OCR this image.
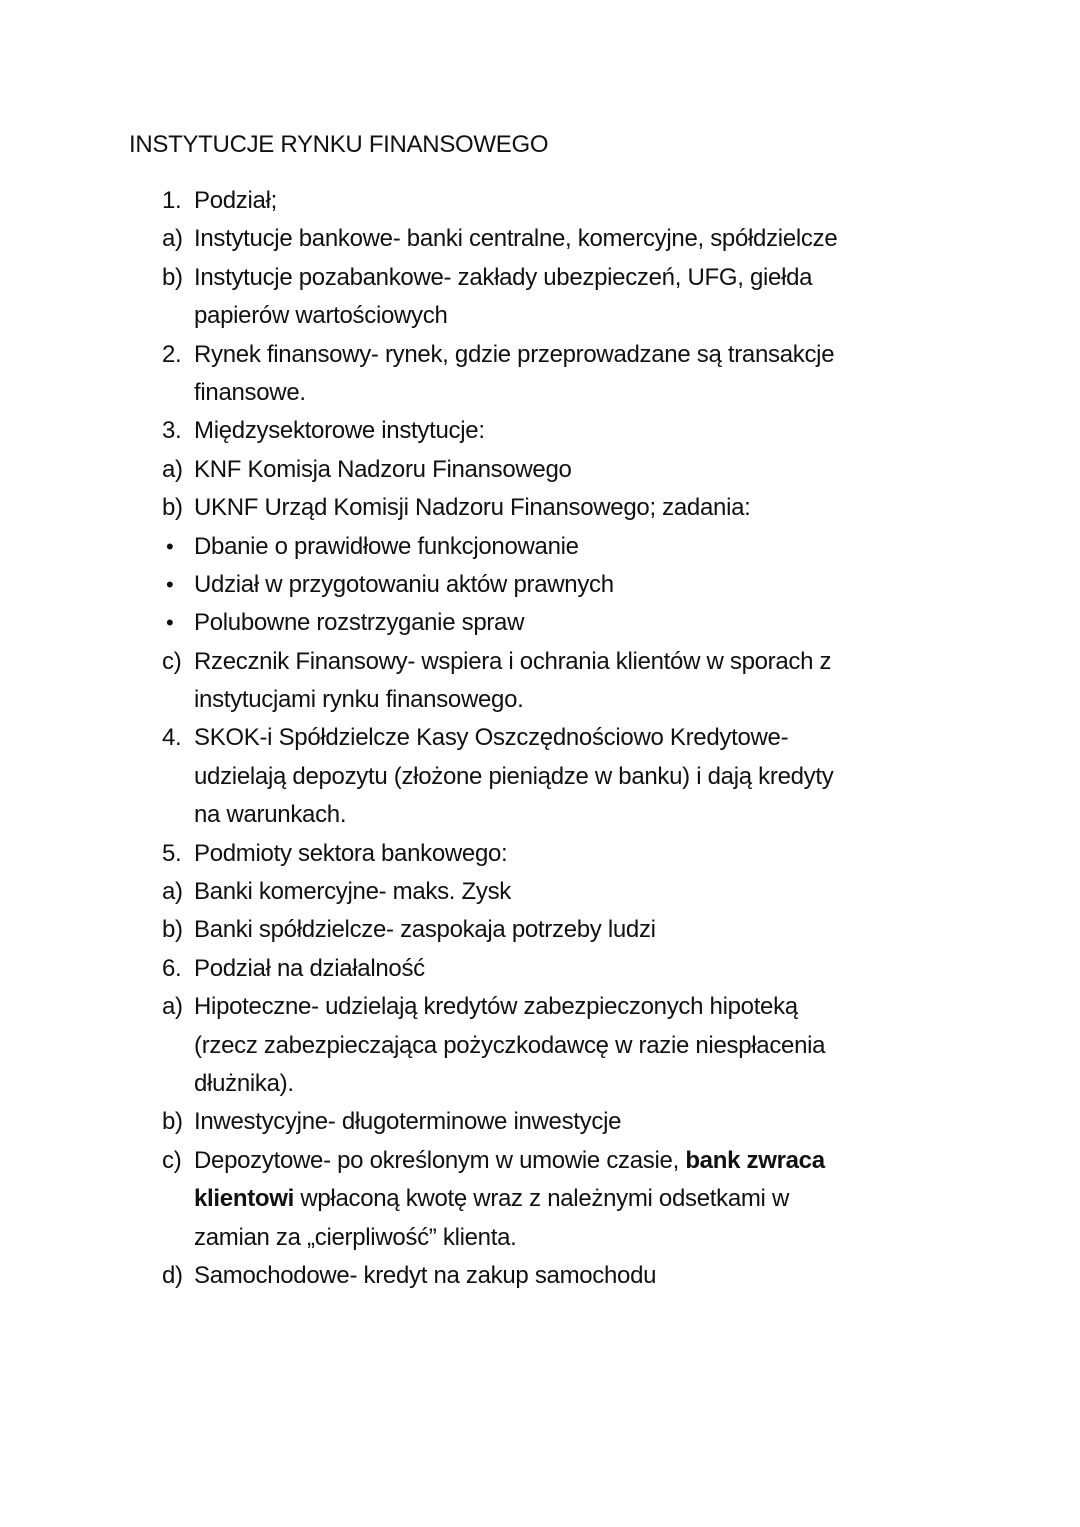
INSTYTUCJE RYNKU FINANSOWEGO
1. Podział;
a) Instytucje bankowe- banki centralne, komercyjne, spółdzielcze
b) Instytucje pozabankowe- zakłady ubezpieczeń, UFG, giełda
papierów wartościowych
2. Rynek finansowy- rynek, gdzie przeprowadzane są transakcje
finansowe.
3. Międzysektorowe instytucje:
a) KNF Komisja Nadzoru Finansowego
b) UKNF Urząd Komisji Nadzoru Finansowego; zadania:
• Dbanie o prawidłowe funkcjonowanie
• Udział w przygotowaniu aktów prawnych
• Polubowne rozstrzyganie spraw
c) Rzecznik Finansowy- wspiera i ochrania klientów w sporach z
instytucjami rynku finansowego.
4. SKOK-i Spółdzielcze Kasy Oszczędnościowo Kredytowe-
udzielają depozytu (złożone pieniądze w banku) i dają kredyty
na warunkach.
5. Podmioty sektora bankowego:
a) Banki komercyjne- maks. Zysk
b) Banki spółdzielcze- zaspokaja potrzeby ludzi
6. Podział na działalność
a) Hipoteczne- udzielają kredytów zabezpieczonych hipoteką
(rzecz zabezpieczająca pożyczkodawcę w razie niespłacenia
dłużnika).
b) Inwestycyjne- długoterminowe inwestycje
c) Depozytowe- po określonym w umowie czasie, bank zwraca
klientowi wpłaconą kwotę wraz z należnymi odsetkami w
zamian za „cierpliwość” klienta.
d) Samochodowe- kredyt na zakup samochodu
